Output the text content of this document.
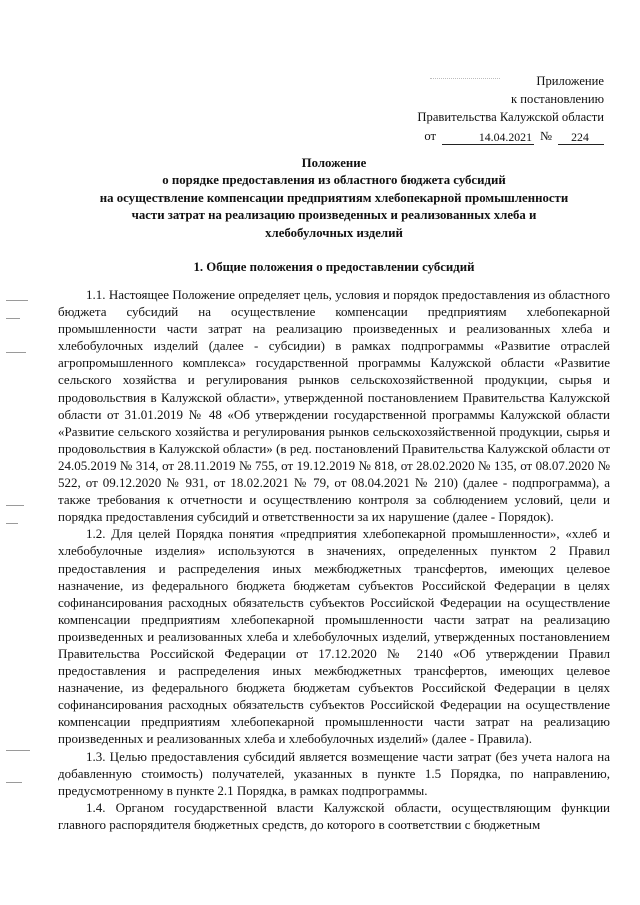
Приложение
к постановлению
Правительства Калужской области
от	14.04.2021 №	224
Положение
о порядке предоставления из областного бюджета субсидий
на осуществление компенсации предприятиям хлебопекарной промышленности
части затрат на реализацию произведенных и реализованных хлеба и
хлебобулочных изделий
1. Общие положения о предоставлении субсидий

1.1. Настоящее Положение определяет цель, условия и порядок предоставления из областного бюджета субсидий на осуществление компенсации предприятиям хлебопекарной промышленности части затрат на реализацию произведенных и реализованных хлеба и хлебобулочных изделий (далее - субсидии) в рамках подпрограммы «Развитие отраслей агропромышленного комплекса» государственной программы Калужской области «Развитие сельского хозяйства и регулирования рынков сельскохозяйственной продукции, сырья и продовольствия в Калужской области», утвержденной постановлением Правительства Калужской области от 31.01.2019 № 48 «Об утверждении государственной программы Калужской области «Развитие сельского хозяйства и регулирования рынков сельскохозяйственной продукции, сырья и продовольствия в Калужской области» (в ред. постановлений Правительства Калужской области от 24.05.2019 № 314, от 28.11.2019 № 755, от 19.12.2019 № 818, от 28.02.2020 № 135, от 08.07.2020 № 522, от 09.12.2020 № 931, от 18.02.2021 № 79, от 08.04.2021 № 210) (далее - подпрограмма), а также требования к отчетности и осуществлению контроля за соблюдением условий, цели и порядка предоставления субсидий и ответственности за их нарушение (далее - Порядок).

1.2. Для целей Порядка понятия «предприятия хлебопекарной промышленности», «хлеб и хлебобулочные изделия» используются в значениях, определенных пунктом 2 Правил предоставления и распределения иных межбюджетных трансфертов, имеющих целевое назначение, из федерального бюджета бюджетам субъектов Российской Федерации в целях софинансирования расходных обязательств субъектов Российской Федерации на осуществление компенсации предприятиям хлебопекарной промышленности части затрат на реализацию произведенных и реализованных хлеба и хлебобулочных изделий, утвержденных постановлением Правительства Российской Федерации от 17.12.2020 № 2140 «Об утверждении Правил предоставления и распределения иных межбюджетных трансфертов, имеющих целевое назначение, из федерального бюджета бюджетам субъектов Российской Федерации в целях софинансирования расходных обязательств субъектов Российской Федерации на осуществление компенсации предприятиям хлебопекарной промышленности части затрат на реализацию произведенных и реализованных хлеба и хлебобулочных изделий» (далее - Правила).

1.3. Целью предоставления субсидий является возмещение части затрат (без учета налога на добавленную стоимость) получателей, указанных в пункте 1.5 Порядка, по направлению, предусмотренному в пункте 2.1 Порядка, в рамках подпрограммы.

1.4. Органом государственной власти Калужской области, осуществляющим функции главного распорядителя бюджетных средств, до которого в соответствии с бюджетным
